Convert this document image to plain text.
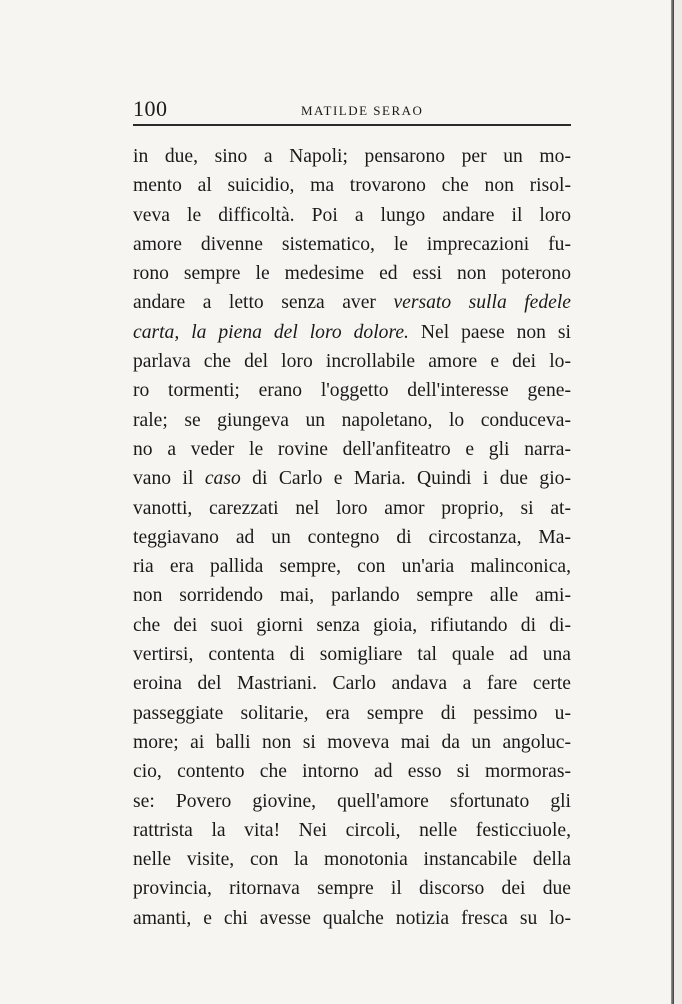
100	MATILDE SERAO
in due, sino a Napoli; pensarono per un mo-
mento al suicidio, ma trovarono che non risol-
veva le difficoltà. Poi a lungo andare il loro
amore divenne sistematico, le imprecazioni fu-
rono sempre le medesime ed essi non poterono
andare a letto senza aver versato sulla fedele
carta, la piena del loro dolore. Nel paese non si
parlava che del loro incrollabile amore e dei lo-
ro tormenti; erano l'oggetto dell'interesse gene-
rale; se giungeva un napoletano, lo conduceva-
no a veder le rovine dell'anfiteatro e gli narra-
vano il caso di Carlo e Maria. Quindi i due gio-
vanotti, carezzati nel loro amor proprio, si at-
teggiavano ad un contegno di circostanza, Ma-
ria era pallida sempre, con un'aria malinconica,
non sorridendo mai, parlando sempre alle ami-
che dei suoi giorni senza gioia, rifiutando di di-
vertirsi, contenta di somigliare tal quale ad una
eroina del Mastriani. Carlo andava a fare certe
passeggiate solitarie, era sempre di pessimo u-
more; ai balli non si moveva mai da un angoluc-
cio, contento che intorno ad esso si mormoras-
se: Povero giovine, quell'amore sfortunato gli
rattrista la vita! Nei circoli, nelle festicciuole,
nelle visite, con la monotonia instancabile della
provincia, ritornava sempre il discorso dei due
amanti, e chi avesse qualche notizia fresca su lo-
